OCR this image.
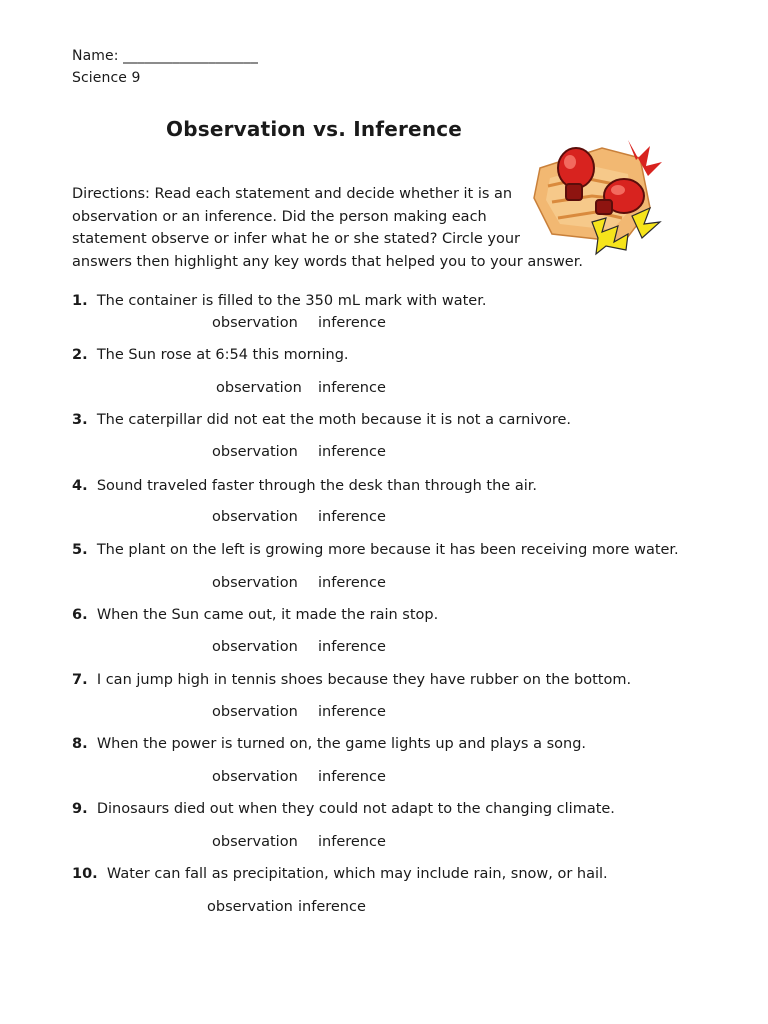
Name: ___________________
Science 9
Observation vs. Inference
Directions: Read each statement and decide whether it is an
observation or an inference. Did the person making each
statement observe or infer what he or she stated? Circle your
answers then highlight any key words that helped you to your answer.
1. The container is filled to the 350 mL mark with water.
observation inference
2. The Sun rose at 6:54 this morning.
observation inference
3. The caterpillar did not eat the moth because it is not a carnivore.
observation inference
4. Sound traveled faster through the desk than through the air.
observation inference
5. The plant on the left is growing more because it has been receiving more water.
observation inference
6. When the Sun came out, it made the rain stop.
observation inference
7. I can jump high in tennis shoes because they have rubber on the bottom.
observation inference
8. When the power is turned on, the game lights up and plays a song.
observation inference
9. Dinosaurs died out when they could not adapt to the changing climate.
observation inference
10. Water can fall as precipitation, which may include rain, snow, or hail.
observation inference
